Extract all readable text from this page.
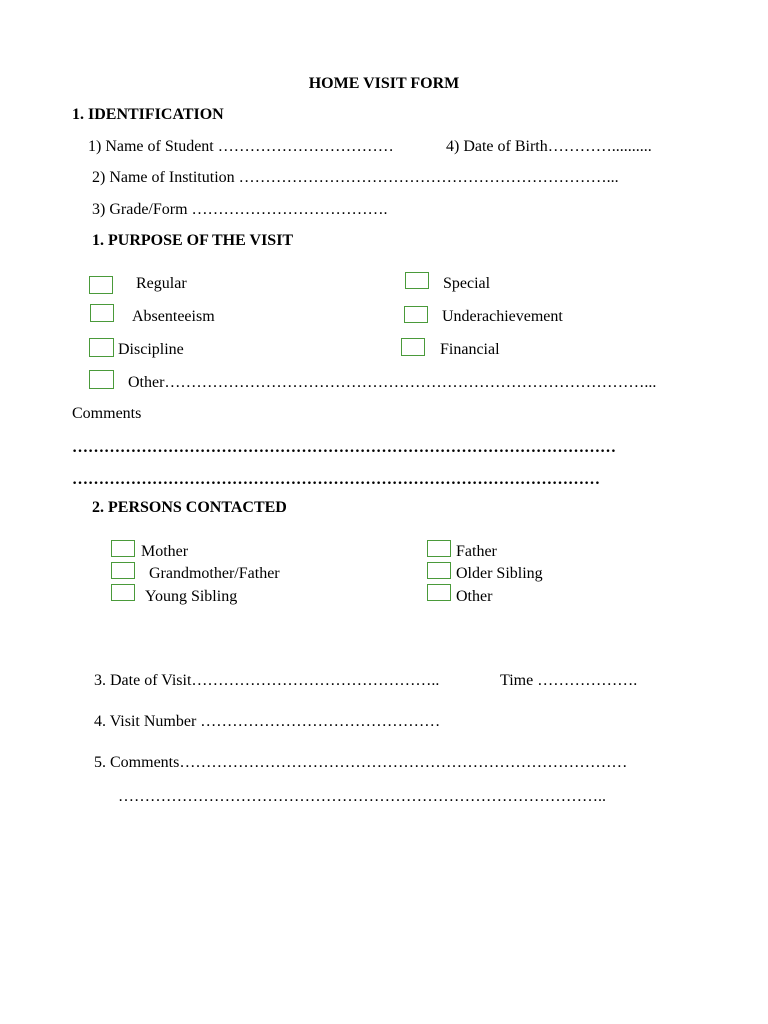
HOME VISIT FORM
1. IDENTIFICATION
1) Name of Student ……………………………	4) Date of Birth…………..........
2) Name of Institution ……………………………………………………………...
3) Grade/Form ……………………………….
1. PURPOSE OF THE VISIT
Regular	Special
Absenteeism	Underachievement
Discipline	Financial
Other………………………………………………………………………………...
Comments
…………………………………………………………………………………………
………………………………………………………………………………………
2. PERSONS CONTACTED
Mother	Father
Grandmother/Father	Older Sibling
Young Sibling	Other
3. Date of Visit………………………………………..	Time ……………….
4. Visit Number ………………………………………
5. Comments…………………………………………………………………………
………………………………………………………………………………..
